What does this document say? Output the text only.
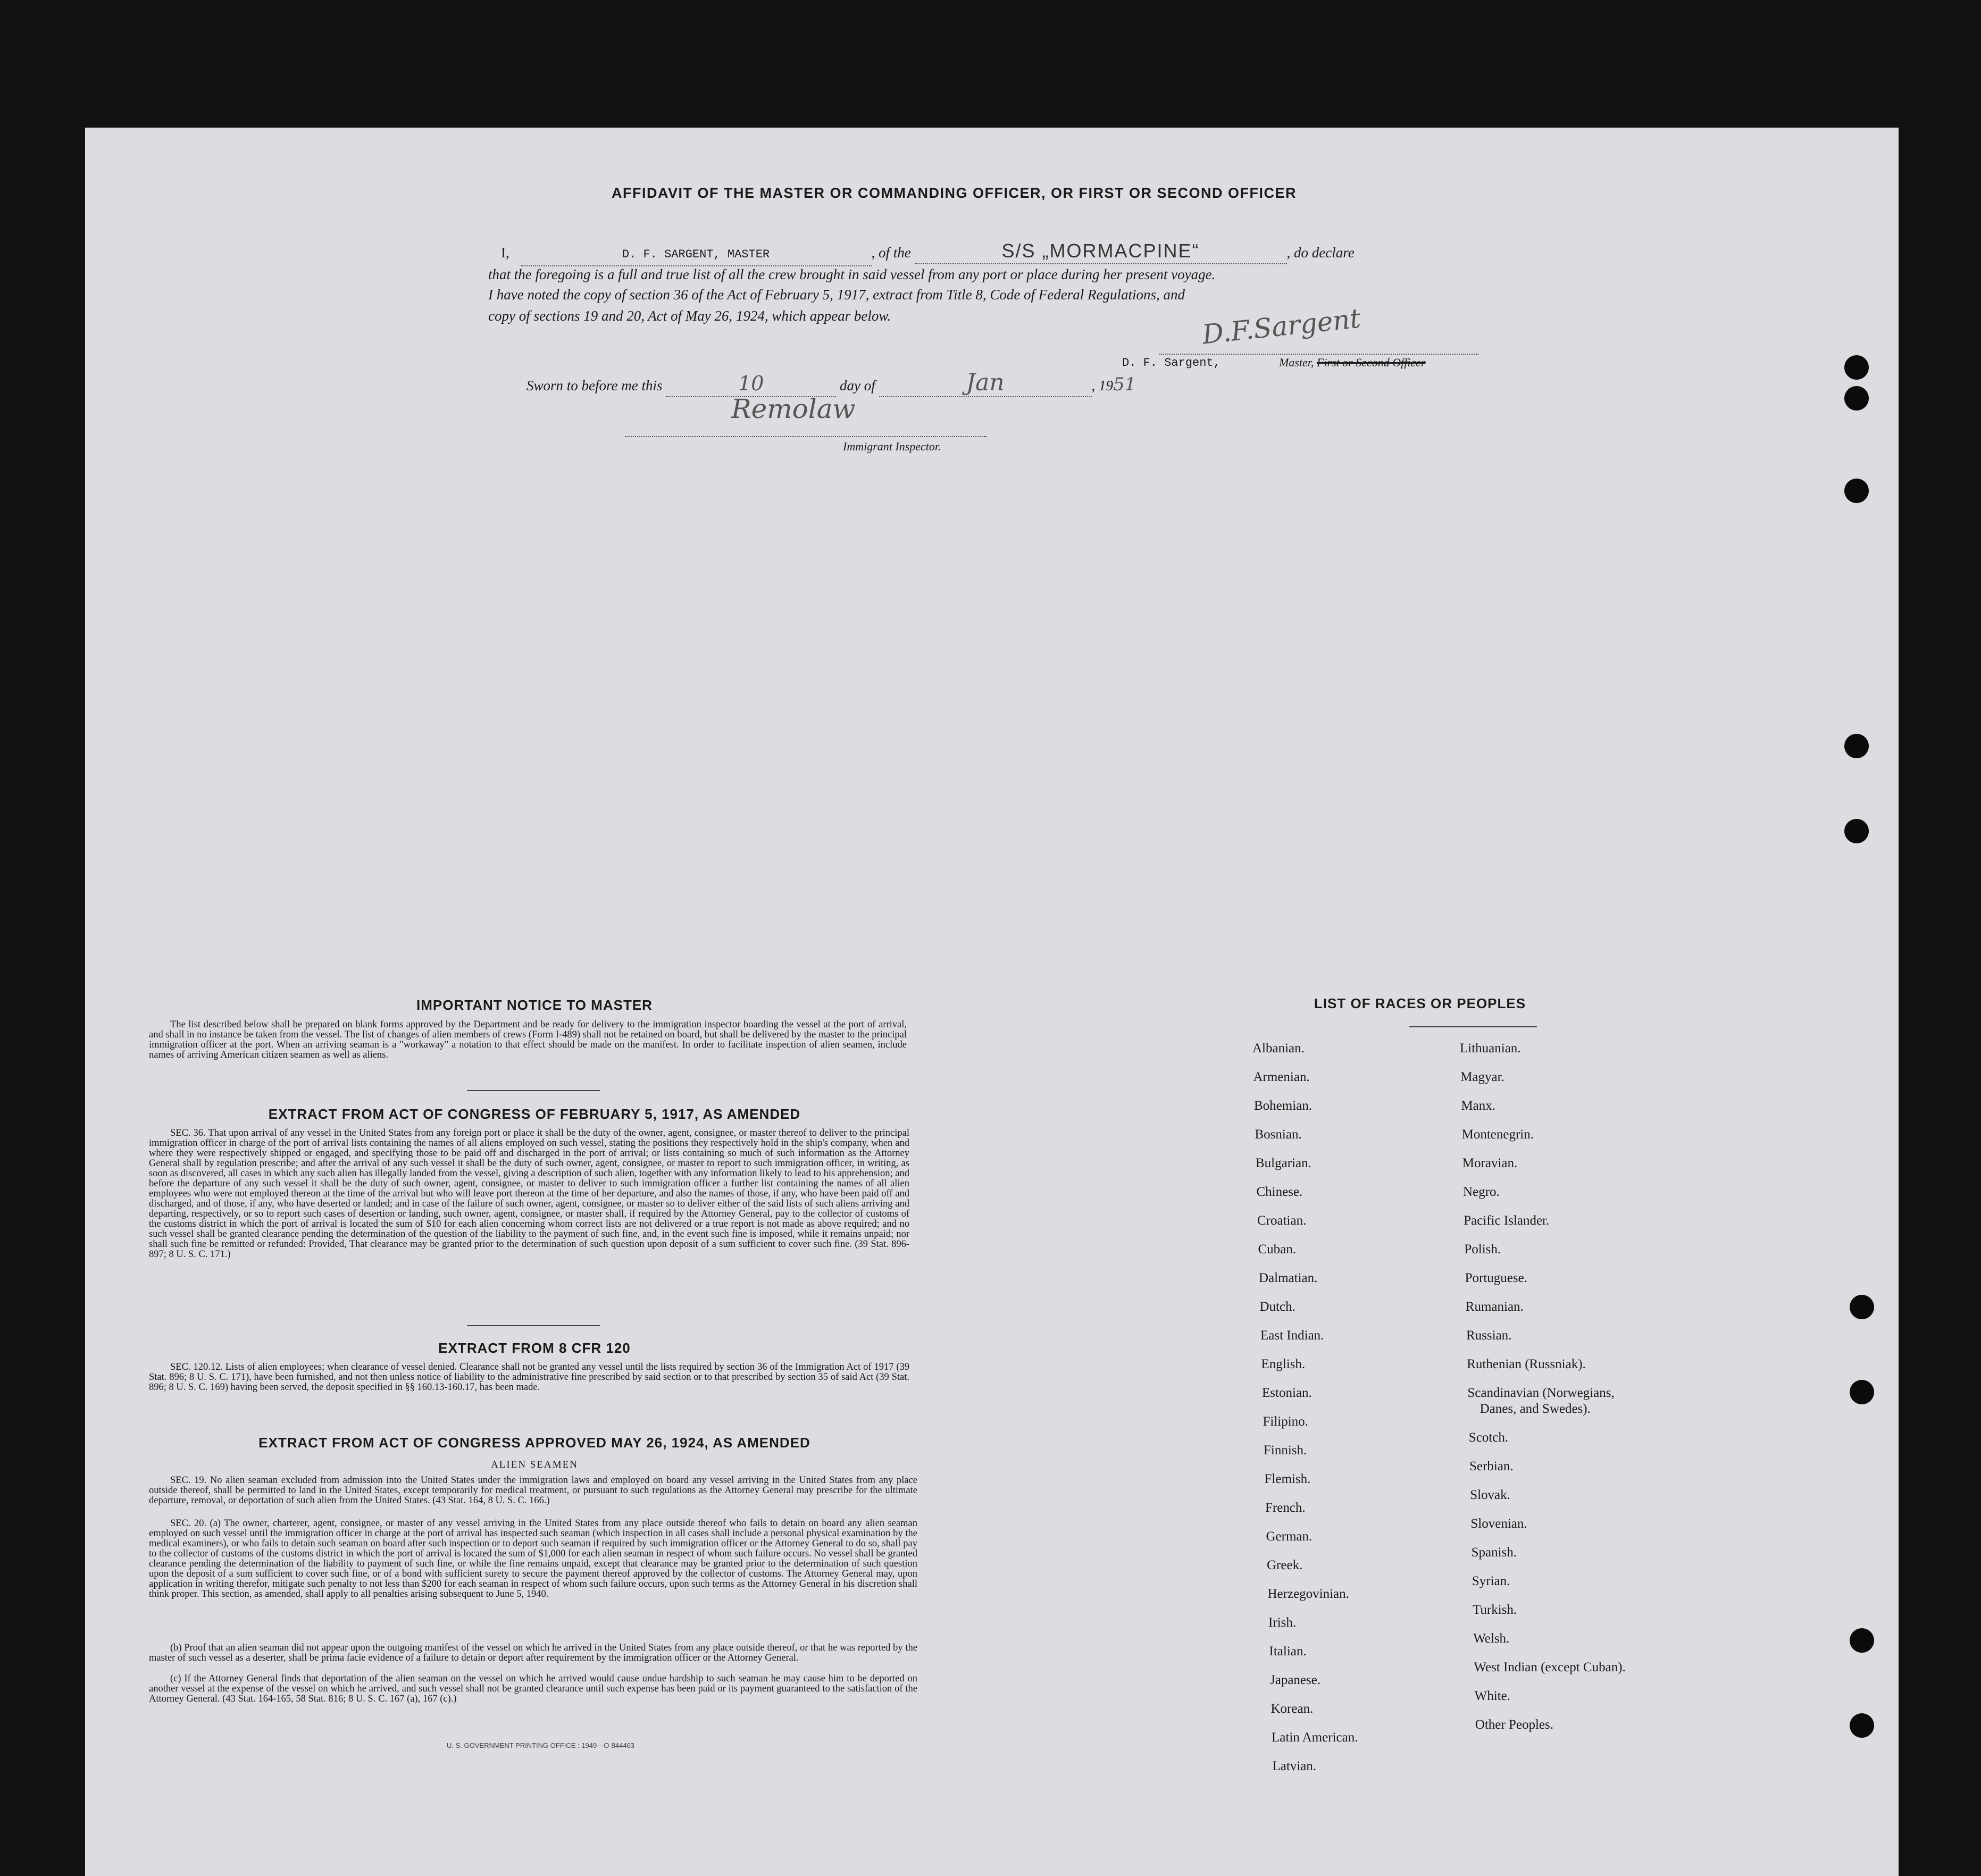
AFFIDAVIT OF THE MASTER OR COMMANDING OFFICER, OR FIRST OR SECOND OFFICER
I,	D. F. SARGENT, MASTER	, of the	S/S „MORMACPINE“	, do declare
that the foregoing is a full and true list of all the crew brought in said vessel from any port or place during her present voyage.
I have noted the copy of section 36 of the Act of February 5, 1917, extract from Title 8, Code of Federal Regulations, and
copy of sections 19 and 20, Act of May 26, 1924, which appear below.	D.F.Sargent
D. F. Sargent,	Master, First or Second Officer
Sworn to before me this	10	day of	Jan	, 1951
Remolaw
Immigrant Inspector.
IMPORTANT NOTICE TO MASTER
The list described below shall be prepared on blank forms approved by the Department and be ready for delivery to the immigration inspector boarding the vessel at the port of arrival, and shall in no instance be taken from the vessel. The list of changes of alien members of crews (Form I-489) shall not be retained on board, but shall be delivered by the master to the principal immigration officer at the port. When an arriving seaman is a "workaway" a notation to that effect should be made on the manifest. In order to facilitate inspection of alien seamen, include names of arriving American citizen seamen as well as aliens.
EXTRACT FROM ACT OF CONGRESS OF FEBRUARY 5, 1917, AS AMENDED
SEC. 36. That upon arrival of any vessel in the United States from any foreign port or place it shall be the duty of the owner, agent, consignee, or master thereof to deliver to the principal immigration officer in charge of the port of arrival lists containing the names of all aliens employed on such vessel, stating the positions they respectively hold in the ship's company, when and where they were respectively shipped or engaged, and specifying those to be paid off and discharged in the port of arrival; or lists containing so much of such information as the Attorney General shall by regulation prescribe; and after the arrival of any such vessel it shall be the duty of such owner, agent, consignee, or master to report to such immigration officer, in writing, as soon as discovered, all cases in which any such alien has illegally landed from the vessel, giving a description of such alien, together with any information likely to lead to his apprehension; and before the departure of any such vessel it shall be the duty of such owner, agent, consignee, or master to deliver to such immigration officer a further list containing the names of all alien employees who were not employed thereon at the time of the arrival but who will leave port thereon at the time of her departure, and also the names of those, if any, who have been paid off and discharged, and of those, if any, who have deserted or landed; and in case of the failure of such owner, agent, consignee, or master so to deliver either of the said lists of such aliens arriving and departing, respectively, or so to report such cases of desertion or landing, such owner, agent, consignee, or master shall, if required by the Attorney General, pay to the collector of customs of the customs district in which the port of arrival is located the sum of $10 for each alien concerning whom correct lists are not delivered or a true report is not made as above required; and no such vessel shall be granted clearance pending the determination of the question of the liability to the payment of such fine, and, in the event such fine is imposed, while it remains unpaid; nor shall such fine be remitted or refunded: Provided, That clearance may be granted prior to the determination of such question upon deposit of a sum sufficient to cover such fine. (39 Stat. 896-897; 8 U. S. C. 171.)
EXTRACT FROM 8 CFR 120
SEC. 120.12. Lists of alien employees; when clearance of vessel denied. Clearance shall not be granted any vessel until the lists required by section 36 of the Immigration Act of 1917 (39 Stat. 896; 8 U. S. C. 171), have been furnished, and not then unless notice of liability to the administrative fine prescribed by said section or to that prescribed by section 35 of said Act (39 Stat. 896; 8 U. S. C. 169) having been served, the deposit specified in §§ 160.13-160.17, has been made.
EXTRACT FROM ACT OF CONGRESS APPROVED MAY 26, 1924, AS AMENDED
ALIEN SEAMEN
SEC. 19. No alien seaman excluded from admission into the United States under the immigration laws and employed on board any vessel arriving in the United States from any place outside thereof, shall be permitted to land in the United States, except temporarily for medical treatment, or pursuant to such regulations as the Attorney General may prescribe for the ultimate departure, removal, or deportation of such alien from the United States. (43 Stat. 164, 8 U. S. C. 166.)
SEC. 20. (a) The owner, charterer, agent, consignee, or master of any vessel arriving in the United States from any place outside thereof who fails to detain on board any alien seaman employed on such vessel until the immigration officer in charge at the port of arrival has inspected such seaman (which inspection in all cases shall include a personal physical examination by the medical examiners), or who fails to detain such seaman on board after such inspection or to deport such seaman if required by such immigration officer or the Attorney General to do so, shall pay to the collector of customs of the customs district in which the port of arrival is located the sum of $1,000 for each alien seaman in respect of whom such failure occurs. No vessel shall be granted clearance pending the determination of the liability to payment of such fine, or while the fine remains unpaid, except that clearance may be granted prior to the determination of such question upon the deposit of a sum sufficient to cover such fine, or of a bond with sufficient surety to secure the payment thereof approved by the collector of customs. The Attorney General may, upon application in writing therefor, mitigate such penalty to not less than $200 for each seaman in respect of whom such failure occurs, upon such terms as the Attorney General in his discretion shall think proper. This section, as amended, shall apply to all penalties arising subsequent to June 5, 1940.
(b) Proof that an alien seaman did not appear upon the outgoing manifest of the vessel on which he arrived in the United States from any place outside thereof, or that he was reported by the master of such vessel as a deserter, shall be prima facie evidence of a failure to detain or deport after requirement by the immigration officer or the Attorney General.
(c) If the Attorney General finds that deportation of the alien seaman on the vessel on which he arrived would cause undue hardship to such seaman he may cause him to be deported on another vessel at the expense of the vessel on which he arrived, and such vessel shall not be granted clearance until such expense has been paid or its payment guaranteed to the satisfaction of the Attorney General. (43 Stat. 164-165, 58 Stat. 816; 8 U. S. C. 167 (a), 167 (c).)
U. S. GOVERNMENT PRINTING OFFICE : 1949—O-844463
LIST OF RACES OR PEOPLES
Albanian.
Armenian.
Bohemian.
Bosnian.
Bulgarian.
Chinese.
Croatian.
Cuban.
Dalmatian.
Dutch.
East Indian.
English.
Estonian.
Filipino.
Finnish.
Flemish.
French.
German.
Greek.
Herzegovinian.
Irish.
Italian.
Japanese.
Korean.
Latin American.
Latvian.
Lithuanian.
Magyar.
Manx.
Montenegrin.
Moravian.
Negro.
Pacific Islander.
Polish.
Portuguese.
Rumanian.
Russian.
Ruthenian (Russniak).
Scandinavian (Norwegians,
Danes, and Swedes).
Scotch.
Serbian.
Slovak.
Slovenian.
Spanish.
Syrian.
Turkish.
Welsh.
West Indian (except Cuban).
White.
Other Peoples.
